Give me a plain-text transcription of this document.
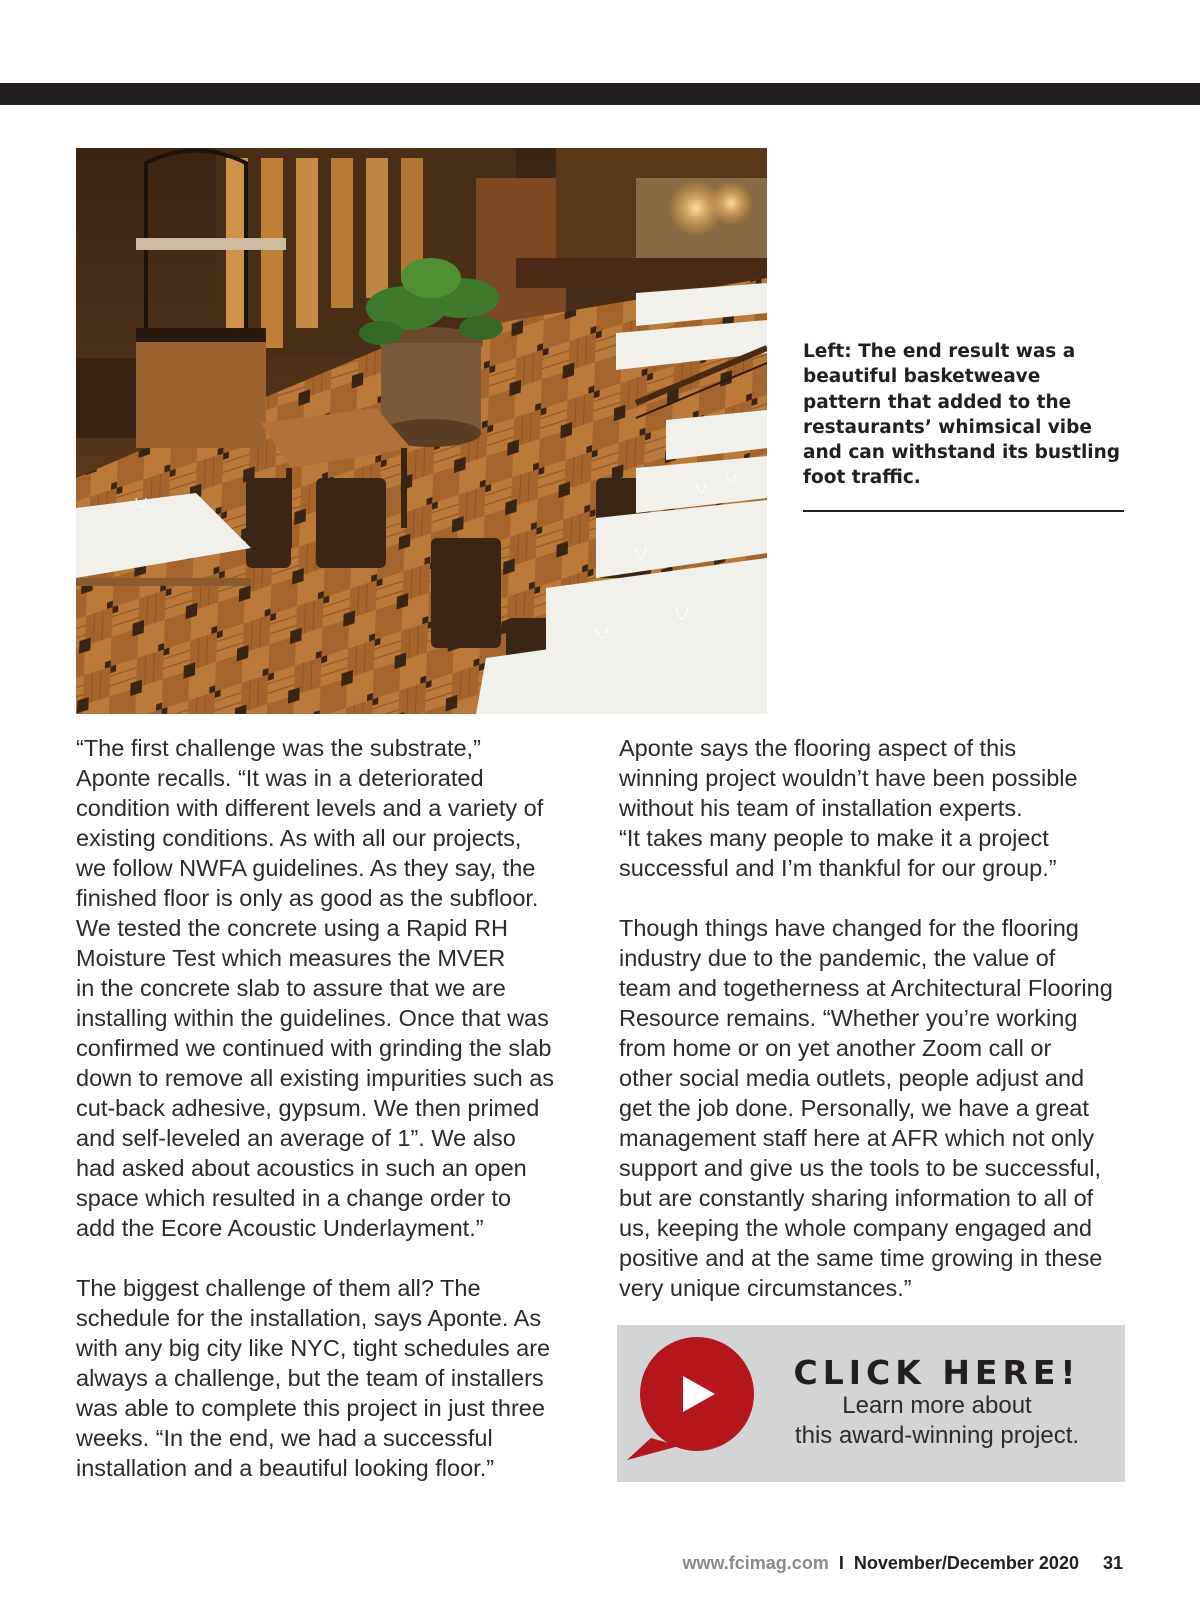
Left: The end result was a beautiful basketweave pattern that added to the restaurants’ whimsical vibe and can withstand its bustling foot traffic.

“The first challenge was the substrate,”
Aponte recalls. “It was in a deteriorated
condition with different levels and a variety of
existing conditions. As with all our projects,
we follow NWFA guidelines. As they say, the
finished floor is only as good as the subfloor.
We tested the concrete using a Rapid RH
Moisture Test which measures the MVER
in the concrete slab to assure that we are
installing within the guidelines. Once that was
confirmed we continued with grinding the slab
down to remove all existing impurities such as
cut-back adhesive, gypsum. We then primed
and self-leveled an average of 1”. We also
had asked about acoustics in such an open
space which resulted in a change order to
add the Ecore Acoustic Underlayment.”

The biggest challenge of them all? The
schedule for the installation, says Aponte. As
with any big city like NYC, tight schedules are
always a challenge, but the team of installers
was able to complete this project in just three
weeks. “In the end, we had a successful
installation and a beautiful looking floor.”

Aponte says the flooring aspect of this
winning project wouldn’t have been possible
without his team of installation experts.
“It takes many people to make it a project
successful and I’m thankful for our group.”

Though things have changed for the flooring
industry due to the pandemic, the value of
team and togetherness at Architectural Flooring
Resource remains. “Whether you’re working
from home or on yet another Zoom call or
other social media outlets, people adjust and
get the job done. Personally, we have a great
management staff here at AFR which not only
support and give us the tools to be successful,
but are constantly sharing information to all of
us, keeping the whole company engaged and
positive and at the same time growing in these
very unique circumstances.”

CLICK HERE!
Learn more about
this award-winning project.
www.fcimag.com I November/December 2020 31
